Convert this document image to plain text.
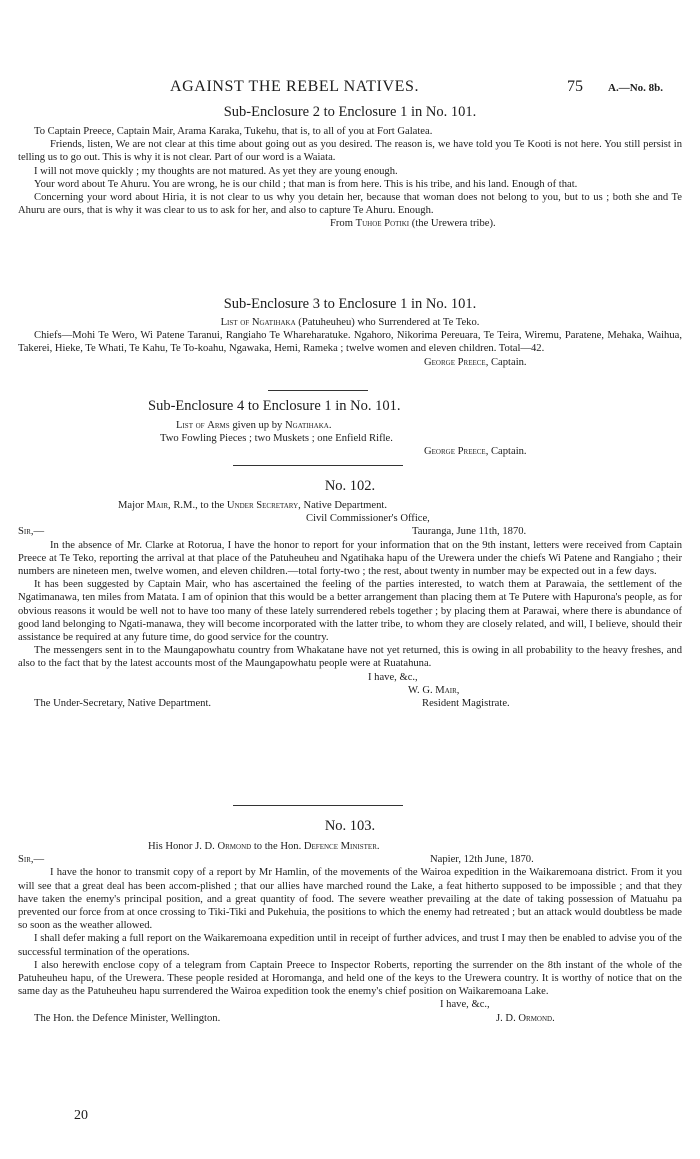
AGAINST THE REBEL NATIVES.	75 A.—No. 8b.
Sub-Enclosure 2 to Enclosure 1 in No. 101.

To Captain Preece, Captain Mair, Arama Karaka, Tukehu, that is, to all of you at Fort Galatea.

Friends, listen, We are not clear at this time about going out as you desired. The reason is, we have told you Te Kooti is not here. You still persist in telling us to go out. This is why it is not clear. Part of our word is a Waiata.

I will not move quickly ; my thoughts are not matured. As yet they are young enough.

Your word about Te Ahuru. You are wrong, he is our child ; that man is from here. This is his tribe, and his land. Enough of that.

Concerning your word about Hiria, it is not clear to us why you detain her, because that woman does not belong to you, but to us ; both she and Te Ahuru are ours, that is why it was clear to us to ask for her, and also to capture Te Ahuru. Enough.

From Tuhoe Potiki (the Urewera tribe).
Sub-Enclosure 3 to Enclosure 1 in No. 101.
List of Ngatihaka (Patuheuheu) who Surrendered at Te Teko.

Chiefs—Mohi Te Wero, Wi Patene Taranui, Rangiaho Te Whareharatuke. Ngahoro, Nikorima Pereuara, Te Teira, Wiremu, Paratene, Mehaka, Waihua, Takerei, Hieke, Te Whati, Te Kahu, Te To-koahu, Ngawaka, Hemi, Rameka ; twelve women and eleven children. Total—42.

George Preece, Captain.
Sub-Enclosure 4 to Enclosure 1 in No. 101.
List of Arms given up by Ngatihaka.
Two Fowling Pieces ; two Muskets ; one Enfield Rifle.
George Preece, Captain.
No. 102.
Major Mair, R.M., to the Under Secretary, Native Department.
Civil Commissioner's Office,
Sir,—	Tauranga, June 11th, 1870.

In the absence of Mr. Clarke at Rotorua, I have the honor to report for your information that on the 9th instant, letters were received from Captain Preece at Te Teko, reporting the arrival at that place of the Patuheuheu and Ngatihaka hapu of the Urewera under the chiefs Wi Patene and Rangiaho ; their numbers are nineteen men, twelve women, and eleven children.—total forty-two ; the rest, about twenty in number may be expected out in a few days.

It has been suggested by Captain Mair, who has ascertained the feeling of the parties interested, to watch them at Parawaia, the settlement of the Ngatimanawa, ten miles from Matata. I am of opinion that this would be a better arrangement than placing them at Te Putere with Hapurona's people, as for obvious reasons it would be well not to have too many of these lately surrendered rebels together ; by placing them at Parawai, where there is abundance of good land belonging to Ngati-manawa, they will become incorporated with the latter tribe, to whom they are closely related, and will, I believe, should their assistance be required at any future time, do good service for the country.

The messengers sent in to the Maungapowhatu country from Whakatane have not yet returned, this is owing in all probability to the heavy freshes, and also to the fact that by the latest accounts most of the Maungapowhatu people were at Ruatahuna.

I have, &c.,
W. G. Mair,
The Under-Secretary, Native Department.	Resident Magistrate.
No. 103.
His Honor J. D. Ormond to the Hon. Defence Minister.
Sir,—	Napier, 12th June, 1870.

I have the honor to transmit copy of a report by Mr Hamlin, of the movements of the Wairoa expedition in the Waikaremoana district. From it you will see that a great deal has been accom-plished ; that our allies have marched round the Lake, a feat hitherto supposed to be impossible ; and that they have taken the enemy's principal position, and a great quantity of food. The severe weather prevailing at the date of taking possession of Matuahu pa prevented our force from at once crossing to Tiki-Tiki and Pukehuia, the positions to which the enemy had retreated ; but an attack would doubtless be made so soon as the weather allowed.

I shall defer making a full report on the Waikaremoana expedition until in receipt of further advices, and trust I may then be enabled to advise you of the successful termination of the operations.

I also herewith enclose copy of a telegram from Captain Preece to Inspector Roberts, reporting the surrender on the 8th instant of the whole of the Patuheuheu hapu, of the Urewera. These people resided at Horomanga, and held one of the keys to the Urewera country. It is worthy of notice that on the same day as the Patuheuheu hapu surrendered the Wairoa expedition took the enemy's chief position on Waikaremoana Lake.

I have, &c.,
The Hon. the Defence Minister, Wellington.	J. D. Ormond.
20
